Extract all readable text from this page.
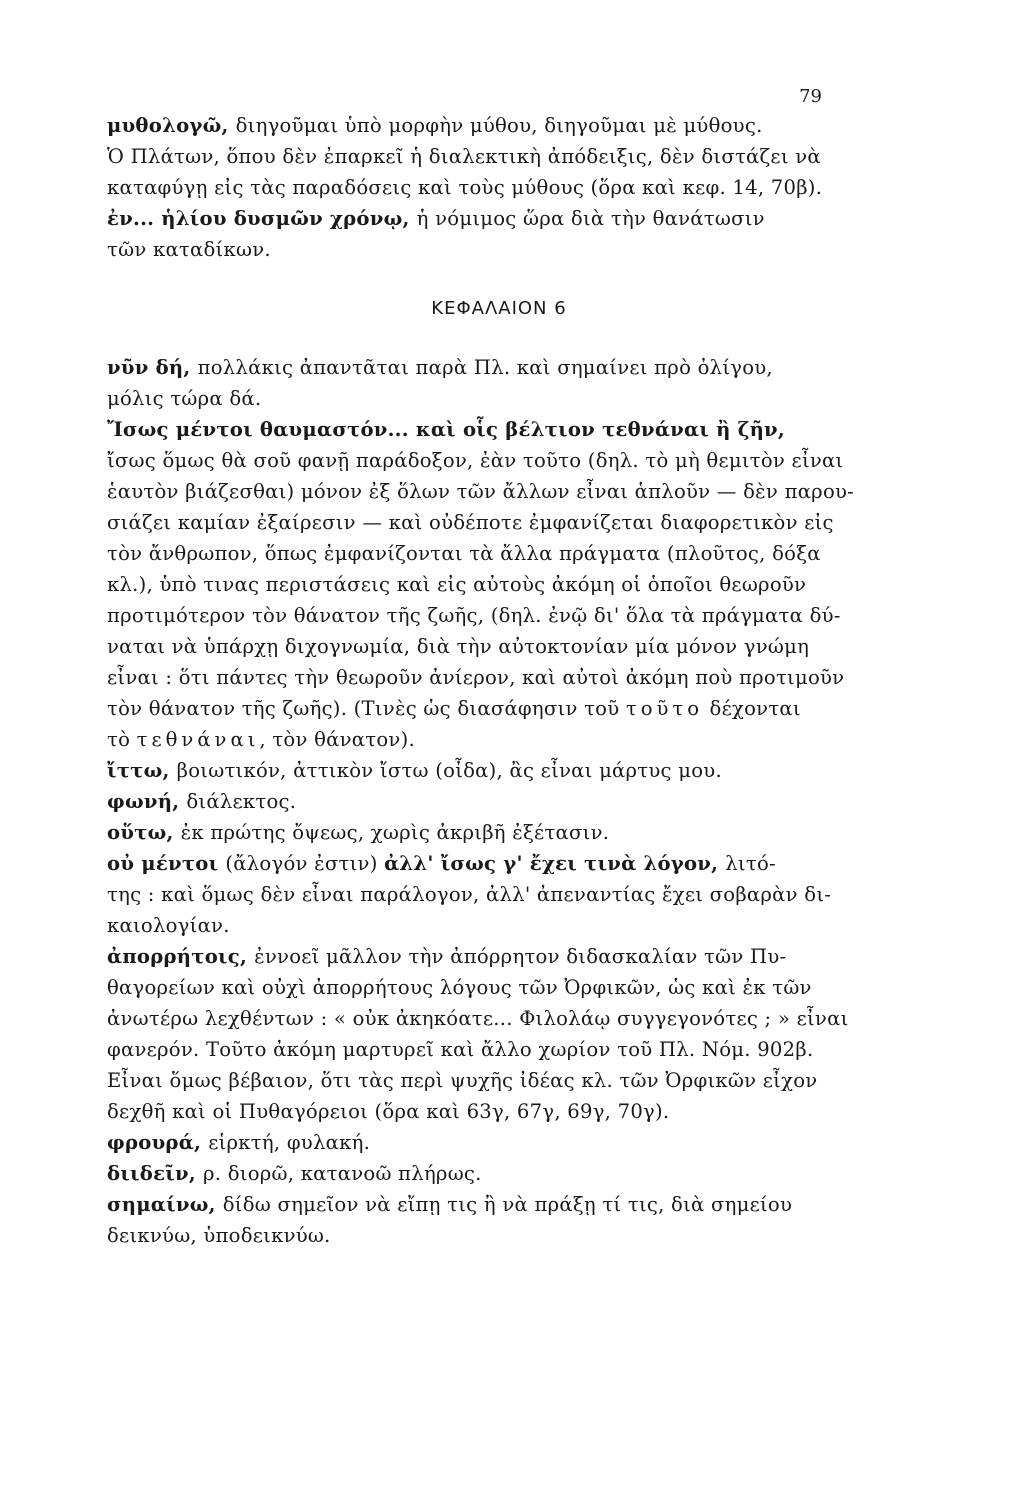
79
μυθολογῶ, διηγοῦμαι ὑπὸ μορφὴν μύθου, διηγοῦμαι μὲ μύθους.
Ὁ Πλάτων, ὅπου δὲν ἐπαρκεῖ ἡ διαλεκτικὴ ἀπόδειξις, δὲν διστάζει νὰ
καταφύγῃ εἰς τὰς παραδόσεις καὶ τοὺς μύθους (ὅρα καὶ κεφ. 14, 70β).
ἐν... ἡλίου δυσμῶν χρόνῳ, ἡ νόμιμος ὥρα διὰ τὴν θανάτωσιν
τῶν καταδίκων.
ΚΕΦΑΛΑΙΟΝ 6
νῦν δή, πολλάκις ἀπαντᾶται παρὰ Πλ. καὶ σημαίνει πρὸ ὀλίγου,
μόλις τώρα δά.
Ἴσως μέντοι θαυμαστόν... καὶ οἷς βέλτιον τεθνάναι ἢ ζῆν,
ἴσως ὅμως θὰ σοῦ φανῇ παράδοξον, ἐὰν τοῦτο (δηλ. τὸ μὴ θεμιτὸν εἶναι
ἑαυτὸν βιάζεσθαι) μόνον ἐξ ὅλων τῶν ἄλλων εἶναι ἁπλοῦν — δὲν παρου-
σιάζει καμίαν ἐξαίρεσιν — καὶ οὐδέποτε ἐμφανίζεται διαφορετικὸν εἰς
τὸν ἄνθρωπον, ὅπως ἐμφανίζονται τὰ ἄλλα πράγματα (πλοῦτος, δόξα
κλ.), ὑπὸ τινας περιστάσεις καὶ εἰς αὐτοὺς ἀκόμη οἱ ὁποῖοι θεωροῦν
προτιμότερον τὸν θάνατον τῆς ζωῆς, (δηλ. ἐνῷ δι' ὅλα τὰ πράγματα δύ-
ναται νὰ ὑπάρχῃ διχογνωμία, διὰ τὴν αὐτοκτονίαν μία μόνον γνώμη
εἶναι : ὅτι πάντες τὴν θεωροῦν ἀνίερον, καὶ αὐτοὶ ἀκόμη ποὺ προτιμοῦν
τὸν θάνατον τῆς ζωῆς). (Τινὲς ὡς διασάφησιν τοῦ τοῦτο δέχονται
τὸ τεθνάναι, τὸν θάνατον).
ἴττω, βοιωτικόν, ἀττικὸν ἴστω (οἶδα), ἂς εἶναι μάρτυς μου.
φωνή, διάλεκτος.
οὕτω, ἐκ πρώτης ὄψεως, χωρὶς ἀκριβῆ ἐξέτασιν.
οὐ μέντοι (ἄλογόν ἐστιν) ἀλλ' ἴσως γ' ἔχει τινὰ λόγον, λιτό-
της : καὶ ὅμως δὲν εἶναι παράλογον, ἀλλ' ἀπεναντίας ἔχει σοβαρὰν δι-
καιολογίαν.
ἀπορρήτοις, ἐννοεῖ μᾶλλον τὴν ἀπόρρητον διδασκαλίαν τῶν Πυ-
θαγορείων καὶ οὐχὶ ἀπορρήτους λόγους τῶν Ὀρφικῶν, ὡς καὶ ἐκ τῶν
ἀνωτέρω λεχθέντων : « οὐκ ἀκηκόατε... Φιλολάῳ συγγεγονότες ; » εἶναι
φανερόν. Τοῦτο ἀκόμη μαρτυρεῖ καὶ ἄλλο χωρίον τοῦ Πλ. Νόμ. 902β.
Εἶναι ὅμως βέβαιον, ὅτι τὰς περὶ ψυχῆς ἰδέας κλ. τῶν Ὀρφικῶν εἶχον
δεχθῆ καὶ οἱ Πυθαγόρειοι (ὅρα καὶ 63γ, 67γ, 69γ, 70γ).
φρουρά, εἱρκτή, φυλακή.
διιδεῖν, ρ. διορῶ, κατανοῶ πλήρως.
σημαίνω, δίδω σημεῖον νὰ εἴπῃ τις ἢ νὰ πράξῃ τί τις, διὰ σημείου
δεικνύω, ὑποδεικνύω.
